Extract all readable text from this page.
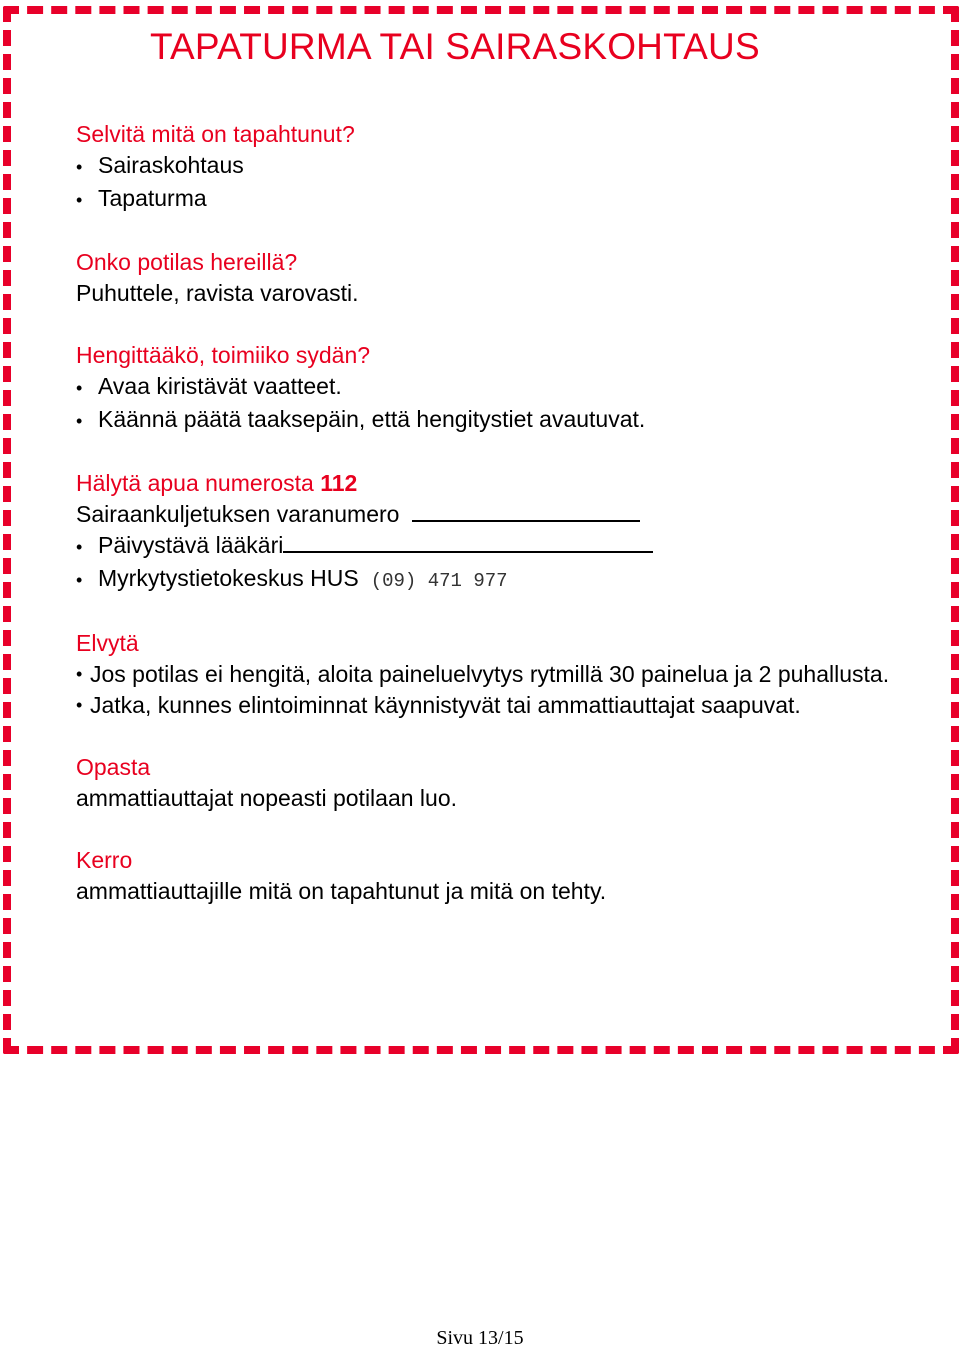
TAPATURMA TAI SAIRASKOHTAUS
Selvitä mitä on tapahtunut?
• Sairaskohtaus
• Tapaturma
Onko potilas hereillä?
Puhuttele, ravista varovasti.
Hengittääkö, toimiiko sydän?
• Avaa kiristävät vaatteet.
• Käännä päätä taaksepäin, että hengitystiet avautuvat.
Hälytä apua numerosta 112
Sairaankuljetuksen varanumero
• Päivystävä lääkäri
• Myrkytystietokeskus HUS (09) 471 977
Elvytä
• Jos potilas ei hengitä, aloita paineluelvytys rytmillä 30 painelua ja 2 puhallusta.
• Jatka, kunnes elintoiminnat käynnistyvät tai ammattiauttajat saapuvat.
Opasta
ammattiauttajat nopeasti potilaan luo.
Kerro
ammattiauttajille mitä on tapahtunut ja mitä on tehty.
Sivu 13/15
